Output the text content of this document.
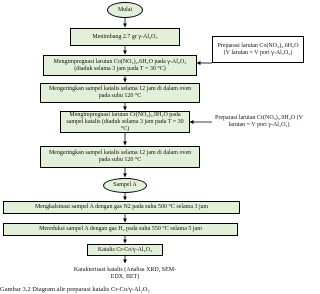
Mulai
Menimbang 2.7 gr γ-Al₂O₃
Mengimpregnasi larutan Co(NO₃)₂.6H₂O pada γ-Al₂O₃ (diaduk selama 3 jam pada T = 30 °C)
Mengeringkan sampel katalis selama 12 jam di dalam oven pada suhu 120 °C
Mengimpregnasi larutan Cr(NO₃)₃.9H₂O pada sampel katalis (diaduk selama 3 jam pada T = 30 °C)
Mengeringkan sampel katalis selama 12 jam di dalam oven pada suhu 120 °C
Sampel A
Mengkalsinasi sampel A dengan gas N2 pada suhu 500 °C selama 3 jam
Mereduksi sampel A dengan gas H₂ pada suhu 550 °C selama 5 jam
Katalis Cr-Co/γ-Al₂O₃
Karakterisasi katalis (Analisa XRD, SEM-EDX, BET)
Preparasi larutan Co(NO₃)₂.6H₂O (V larutan = V pori γ-Al₂O₃)
Preparasi larutan Cr(NO₃)₃.9H₂O (V larutan = V pori γ-Al₂O₃)
Gambar 3.2 Diagram alir preparasi katalis Cr-Co/γ-Al₂O₃
